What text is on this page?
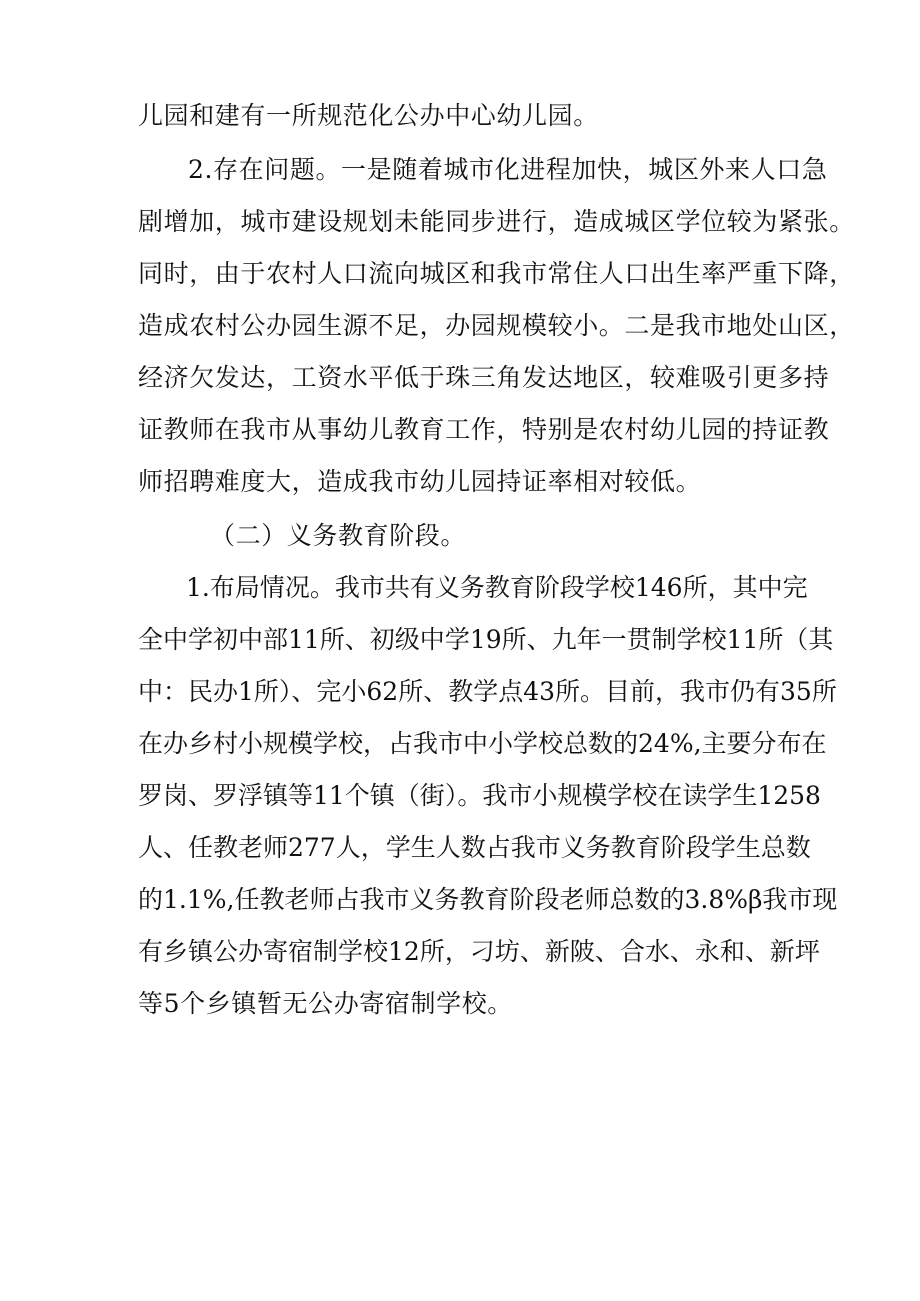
儿园和建有一所规范化公办中心幼儿园。
2.存在问题。一是随着城市化进程加快，城区外来人口急
剧增加，城市建设规划未能同步进行，造成城区学位较为紧张。
同时，由于农村人口流向城区和我市常住人口出生率严重下降，
造成农村公办园生源不足，办园规模较小。二是我市地处山区，
经济欠发达，工资水平低于珠三角发达地区，较难吸引更多持
证教师在我市从事幼儿教育工作，特别是农村幼儿园的持证教
师招聘难度大，造成我市幼儿园持证率相对较低。
（二）义务教育阶段。
1.布局情况。我市共有义务教育阶段学校146所，其中完
全中学初中部11所、初级中学19所、九年一贯制学校11所（其
中：民办1所）、完小62所、教学点43所。目前，我市仍有35所
在办乡村小规模学校，占我市中小学校总数的24%,主要分布在
罗岗、罗浮镇等11个镇（街）。我市小规模学校在读学生1258
人、任教老师277人，学生人数占我市义务教育阶段学生总数
的1.1%,任教老师占我市义务教育阶段老师总数的3.8%β我市现
有乡镇公办寄宿制学校12所，刁坊、新陂、合水、永和、新坪
等5个乡镇暂无公办寄宿制学校。
